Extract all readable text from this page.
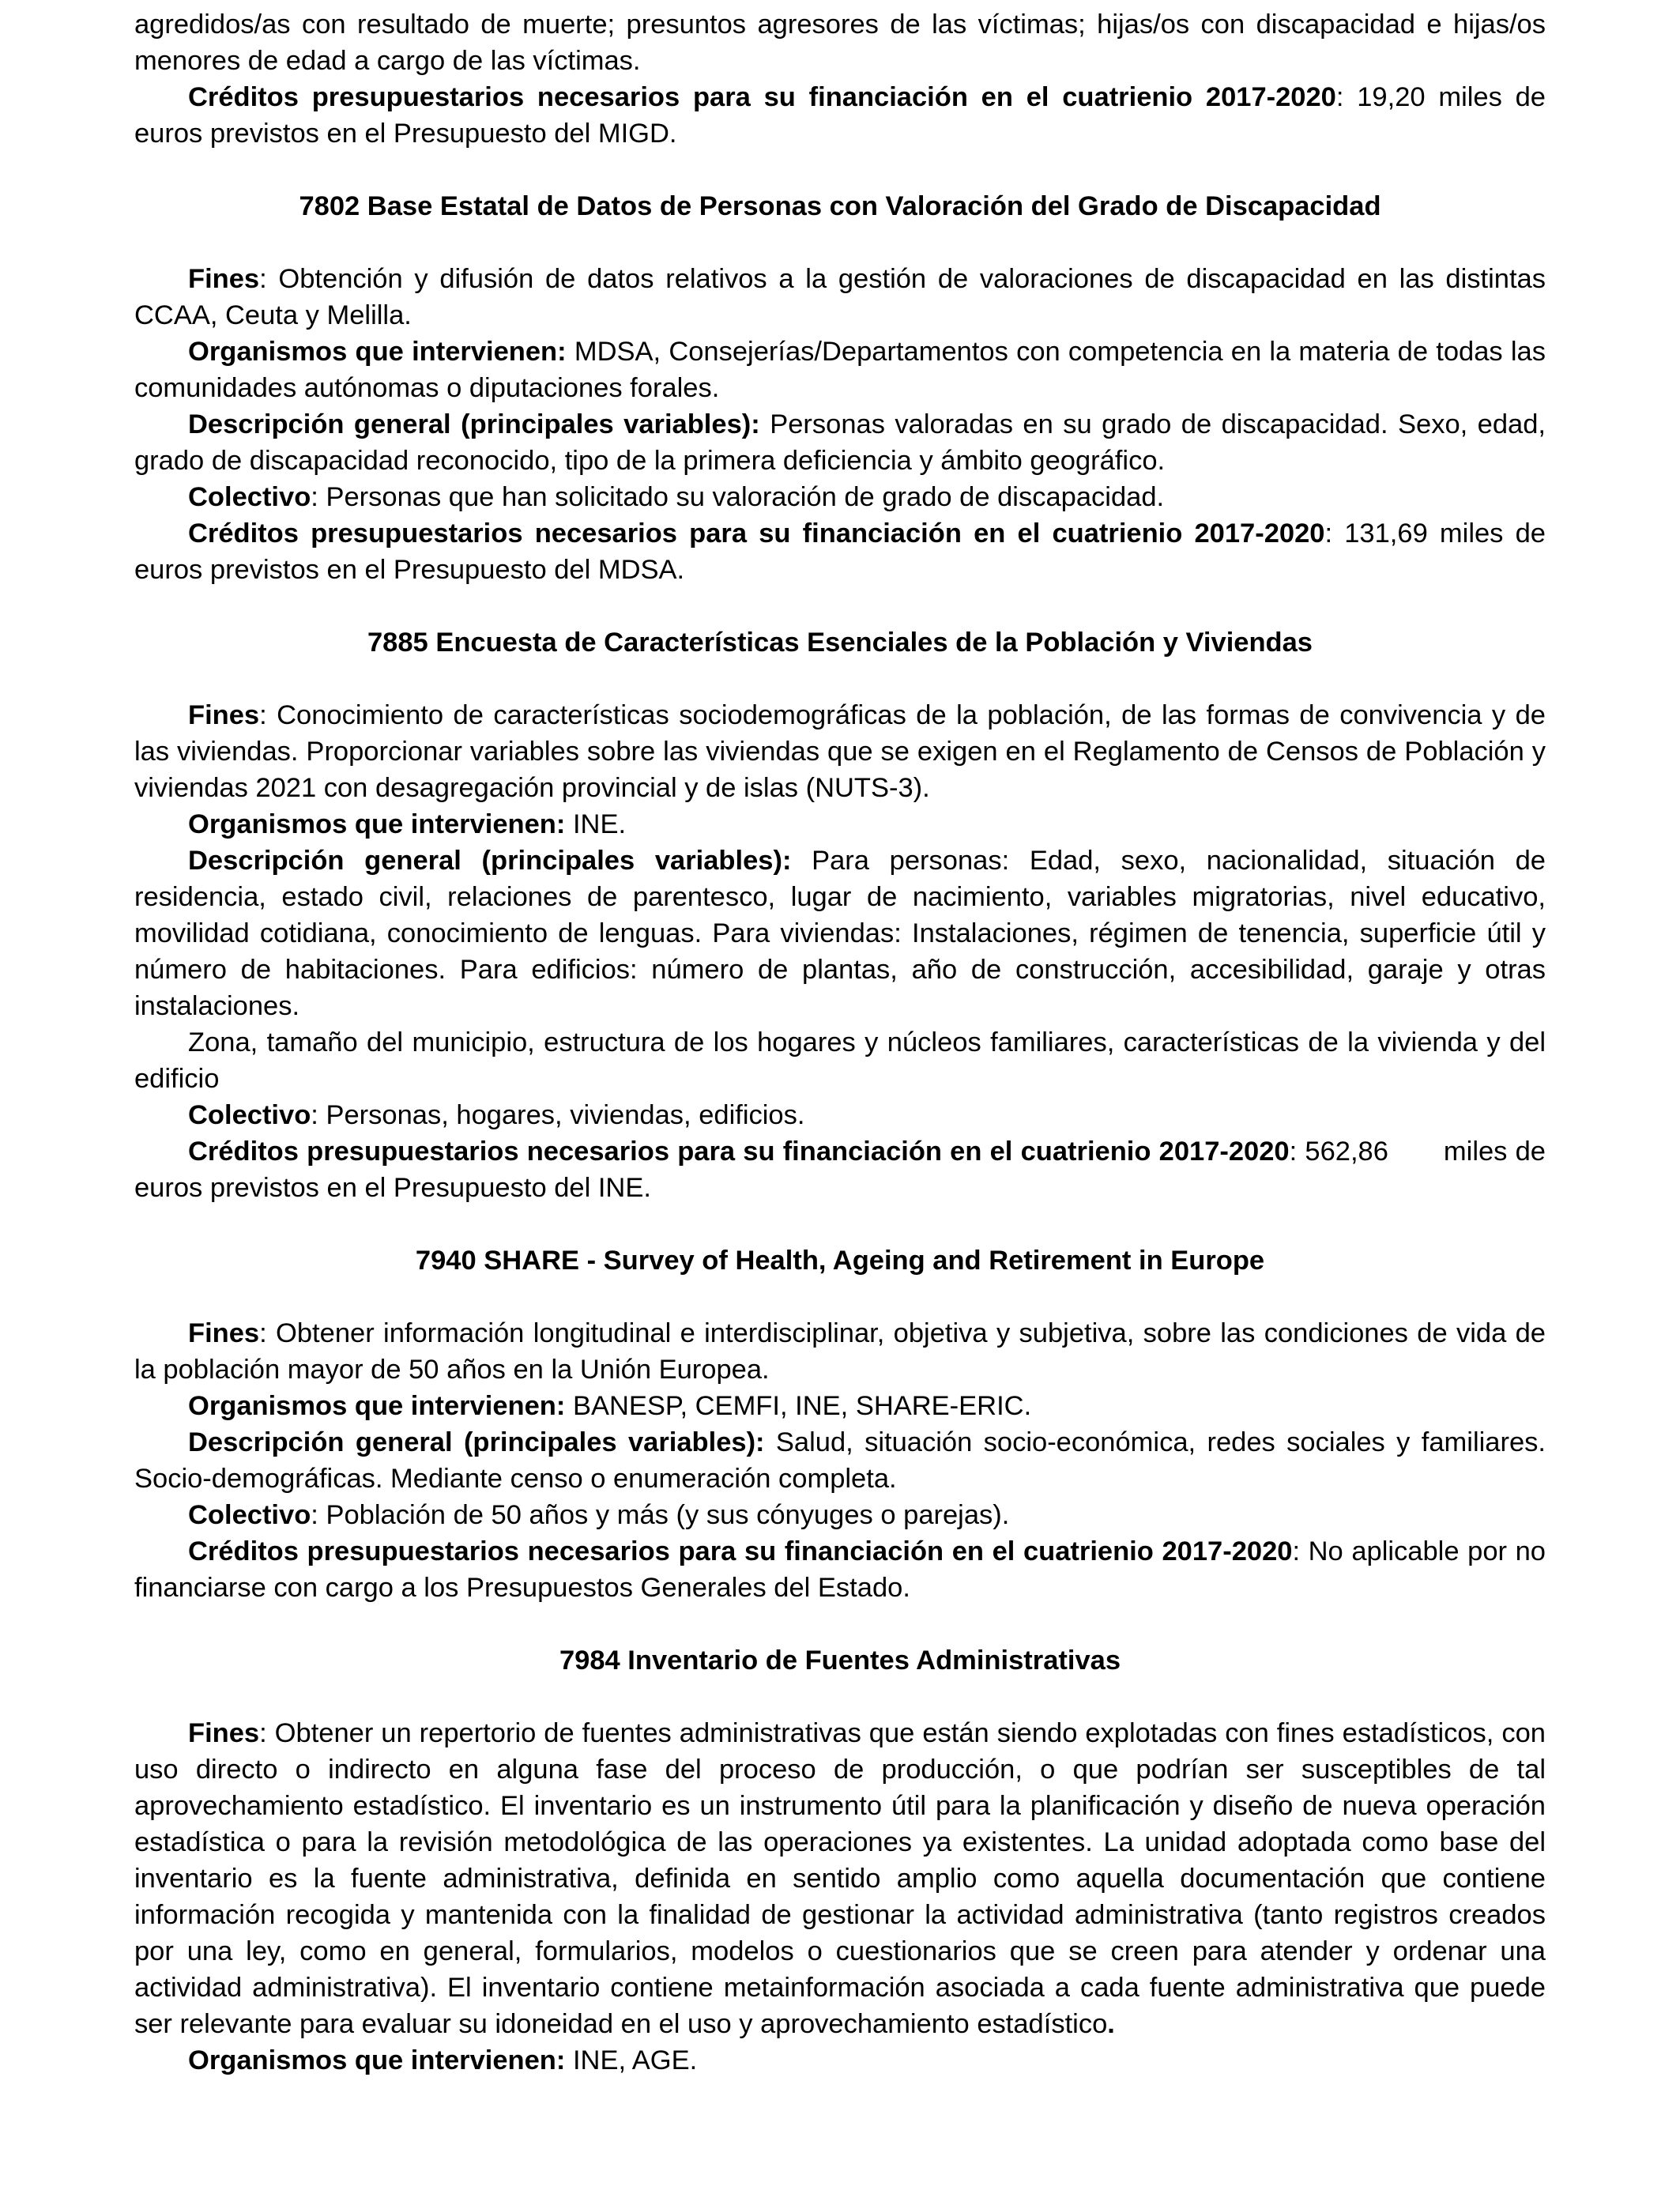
agredidos/as con resultado de muerte; presuntos agresores de las víctimas; hijas/os con discapacidad e hijas/os menores de edad a cargo de las víctimas.

Créditos presupuestarios necesarios para su financiación en el cuatrienio 2017-2020: 19,20 miles de euros previstos en el Presupuesto del MIGD.

7802 Base Estatal de Datos de Personas con Valoración del Grado de Discapacidad

Fines: Obtención y difusión de datos relativos a la gestión de valoraciones de discapacidad en las distintas CCAA, Ceuta y Melilla.

Organismos que intervienen: MDSA, Consejerías/Departamentos con competencia en la materia de todas las comunidades autónomas o diputaciones forales.

Descripción general (principales variables): Personas valoradas en su grado de discapacidad. Sexo, edad, grado de discapacidad reconocido, tipo de la primera deficiencia y ámbito geográfico.

Colectivo: Personas que han solicitado su valoración de grado de discapacidad.

Créditos presupuestarios necesarios para su financiación en el cuatrienio 2017-2020: 131,69 miles de euros previstos en el Presupuesto del MDSA.

7885 Encuesta de Características Esenciales de la Población y Viviendas

Fines: Conocimiento de características sociodemográficas de la población, de las formas de convivencia y de las viviendas. Proporcionar variables sobre las viviendas que se exigen en el Reglamento de Censos de Población y viviendas 2021 con desagregación provincial y de islas (NUTS-3).

Organismos que intervienen: INE.

Descripción general (principales variables): Para personas: Edad, sexo, nacionalidad, situación de residencia, estado civil, relaciones de parentesco, lugar de nacimiento, variables migratorias, nivel educativo, movilidad cotidiana, conocimiento de lenguas. Para viviendas: Instalaciones, régimen de tenencia, superficie útil y número de habitaciones. Para edificios: número de plantas, año de construcción, accesibilidad, garaje y otras instalaciones.

Zona, tamaño del municipio, estructura de los hogares y núcleos familiares, características de la vivienda y del edificio

Colectivo: Personas, hogares, viviendas, edificios.

Créditos presupuestarios necesarios para su financiación en el cuatrienio 2017-2020: 562,86 miles de euros previstos en el Presupuesto del INE.

7940 SHARE - Survey of Health, Ageing and Retirement in Europe

Fines: Obtener información longitudinal e interdisciplinar, objetiva y subjetiva, sobre las condiciones de vida de la población mayor de 50 años en la Unión Europea.

Organismos que intervienen: BANESP, CEMFI, INE, SHARE-ERIC.

Descripción general (principales variables): Salud, situación socio-económica, redes sociales y familiares. Socio-demográficas. Mediante censo o enumeración completa.

Colectivo: Población de 50 años y más (y sus cónyuges o parejas).

Créditos presupuestarios necesarios para su financiación en el cuatrienio 2017-2020: No aplicable por no financiarse con cargo a los Presupuestos Generales del Estado.

7984 Inventario de Fuentes Administrativas

Fines: Obtener un repertorio de fuentes administrativas que están siendo explotadas con fines estadísticos, con uso directo o indirecto en alguna fase del proceso de producción, o que podrían ser susceptibles de tal aprovechamiento estadístico. El inventario es un instrumento útil para la planificación y diseño de nueva operación estadística o para la revisión metodológica de las operaciones ya existentes. La unidad adoptada como base del inventario es la fuente administrativa, definida en sentido amplio como aquella documentación que contiene información recogida y mantenida con la finalidad de gestionar la actividad administrativa (tanto registros creados por una ley, como en general, formularios, modelos o cuestionarios que se creen para atender y ordenar una actividad administrativa). El inventario contiene metainformación asociada a cada fuente administrativa que puede ser relevante para evaluar su idoneidad en el uso y aprovechamiento estadístico.

Organismos que intervienen: INE, AGE.
